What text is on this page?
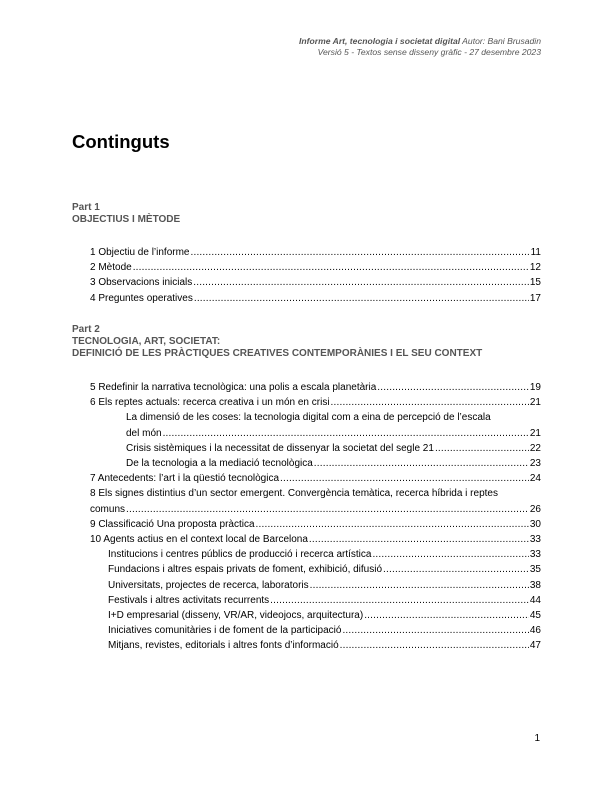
Informe Art, tecnologia i societat digital Autor: Bani Brusadin
Versió 5 - Textos sense disseny gràfic - 27 desembre 2023
Continguts
Part 1
OBJECTIUS I MÈTODE
1 Objectiu de l’informe .....	11
2 Mètode .....	12
3 Observacions inicials .....	15
4 Preguntes operatives .....	17
Part 2
TECNOLOGIA, ART, SOCIETAT:
DEFINICIÓ DE LES PRÀCTIQUES CREATIVES CONTEMPORÀNIES I EL SEU CONTEXT
5 Redefinir la narrativa tecnològica: una polis a escala planetària .....	19
6 Els reptes actuals: recerca creativa i un món en crisi .....	21
La dimensió de les coses: la tecnologia digital com a eina de percepció de l’escala
del món .....	21
Crisis sistèmiques i la necessitat de dissenyar la societat del segle 21 .....	22
De la tecnologia a la mediació tecnològica .....	23
7 Antecedents: l’art i la qüestió tecnològica .....	24
8 Els signes distintius d’un sector emergent. Convergència temàtica, recerca híbrida i reptes
comuns .....	26
9 Classificació Una proposta pràctica .....	30
10 Agents actius en el context local de Barcelona .....	33
Institucions i centres públics de producció i recerca artística .....	33
Fundacions i altres espais privats de foment, exhibició, difusió .....	35
Universitats, projectes de recerca, laboratoris .....	38
Festivals i altres activitats recurrents .....	44
I+D empresarial (disseny, VR/AR, videojocs, arquitectura) .....	45
Iniciatives comunitàries i de foment de la participació .....	46
Mitjans, revistes, editorials i altres fonts d’informació .....	47
1
